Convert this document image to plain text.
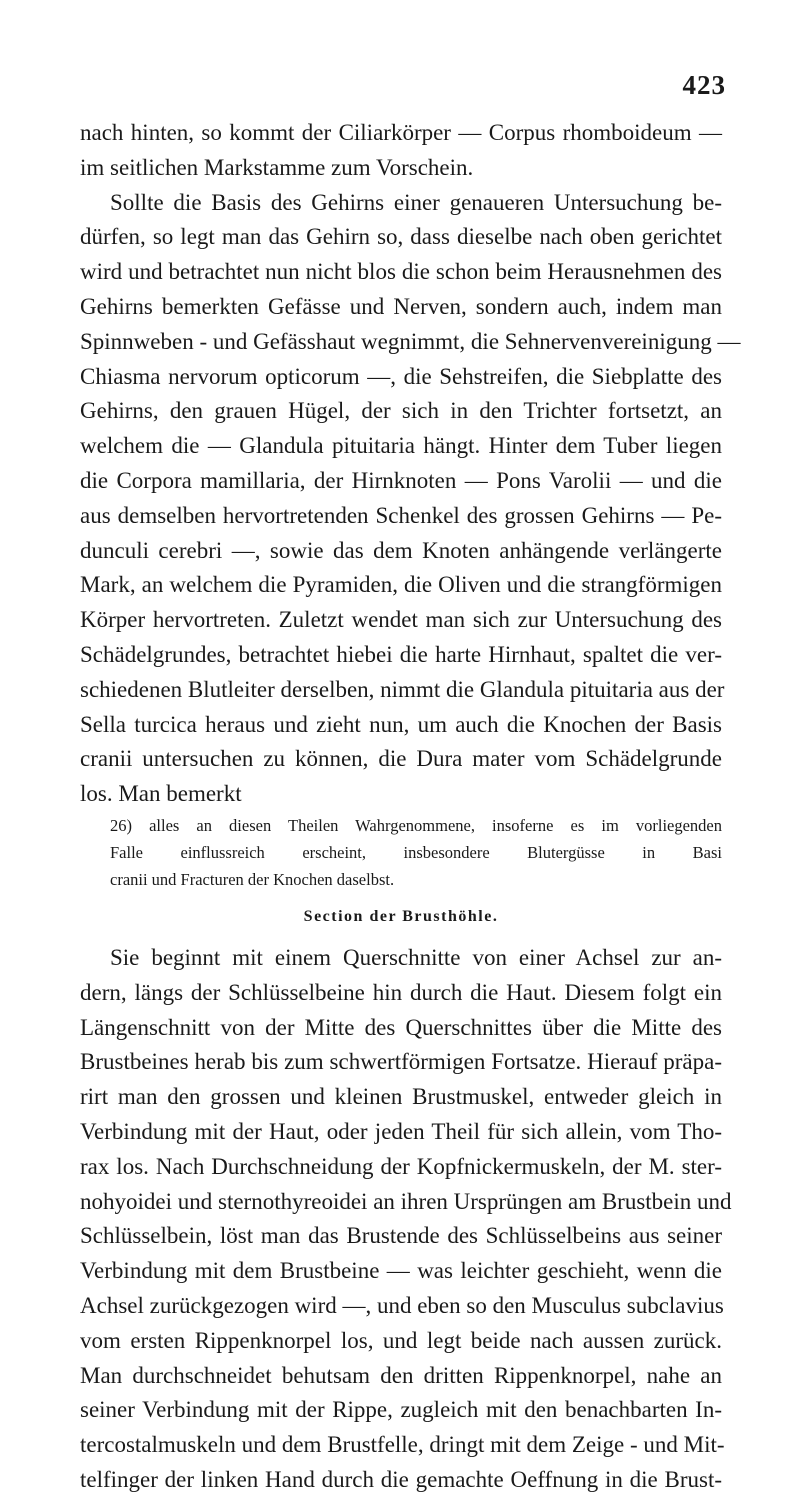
423
nach hinten, so kommt der Ciliarkörper — Corpus rhomboideum —
im seitlichen Markstamme zum Vorschein.
Sollte die Basis des Gehirns einer genaueren Untersuchung be-
dürfen, so legt man das Gehirn so, dass dieselbe nach oben gerichtet
wird und betrachtet nun nicht blos die schon beim Herausnehmen des
Gehirns bemerkten Gefässe und Nerven, sondern auch, indem man
Spinnweben - und Gefässhaut wegnimmt, die Sehnervenvereinigung —
Chiasma nervorum opticorum —, die Sehstreifen, die Siebplatte des
Gehirns, den grauen Hügel, der sich in den Trichter fortsetzt, an
welchem die — Glandula pituitaria hängt. Hinter dem Tuber liegen
die Corpora mamillaria, der Hirnknoten — Pons Varolii — und die
aus demselben hervortretenden Schenkel des grossen Gehirns — Pe-
dunculi cerebri —, sowie das dem Knoten anhängende verlängerte
Mark, an welchem die Pyramiden, die Oliven und die strangförmigen
Körper hervortreten. Zuletzt wendet man sich zur Untersuchung des
Schädelgrundes, betrachtet hiebei die harte Hirnhaut, spaltet die ver-
schiedenen Blutleiter derselben, nimmt die Glandula pituitaria aus der
Sella turcica heraus und zieht nun, um auch die Knochen der Basis
cranii untersuchen zu können, die Dura mater vom Schädelgrunde
los. Man bemerkt
26) alles an diesen Theilen Wahrgenommene, insoferne es im vorliegenden
Falle einflussreich erscheint, insbesondere Blutergüsse in Basi
cranii und Fracturen der Knochen daselbst.
Section der Brusthöhle.
Sie beginnt mit einem Querschnitte von einer Achsel zur an-
dern, längs der Schlüsselbeine hin durch die Haut. Diesem folgt ein
Längenschnitt von der Mitte des Querschnittes über die Mitte des
Brustbeines herab bis zum schwertförmigen Fortsatze. Hierauf präpa-
rirt man den grossen und kleinen Brustmuskel, entweder gleich in
Verbindung mit der Haut, oder jeden Theil für sich allein, vom Tho-
rax los. Nach Durchschneidung der Kopfnickermuskeln, der M. ster-
nohyoidei und sternothyreoidei an ihren Ursprüngen am Brustbein und
Schlüsselbein, löst man das Brustende des Schlüsselbeins aus seiner
Verbindung mit dem Brustbeine — was leichter geschieht, wenn die
Achsel zurückgezogen wird —, und eben so den Musculus subclavius
vom ersten Rippenknorpel los, und legt beide nach aussen zurück.
Man durchschneidet behutsam den dritten Rippenknorpel, nahe an
seiner Verbindung mit der Rippe, zugleich mit den benachbarten In-
tercostalmuskeln und dem Brustfelle, dringt mit dem Zeige - und Mit-
telfinger der linken Hand durch die gemachte Oeffnung in die Brust-
